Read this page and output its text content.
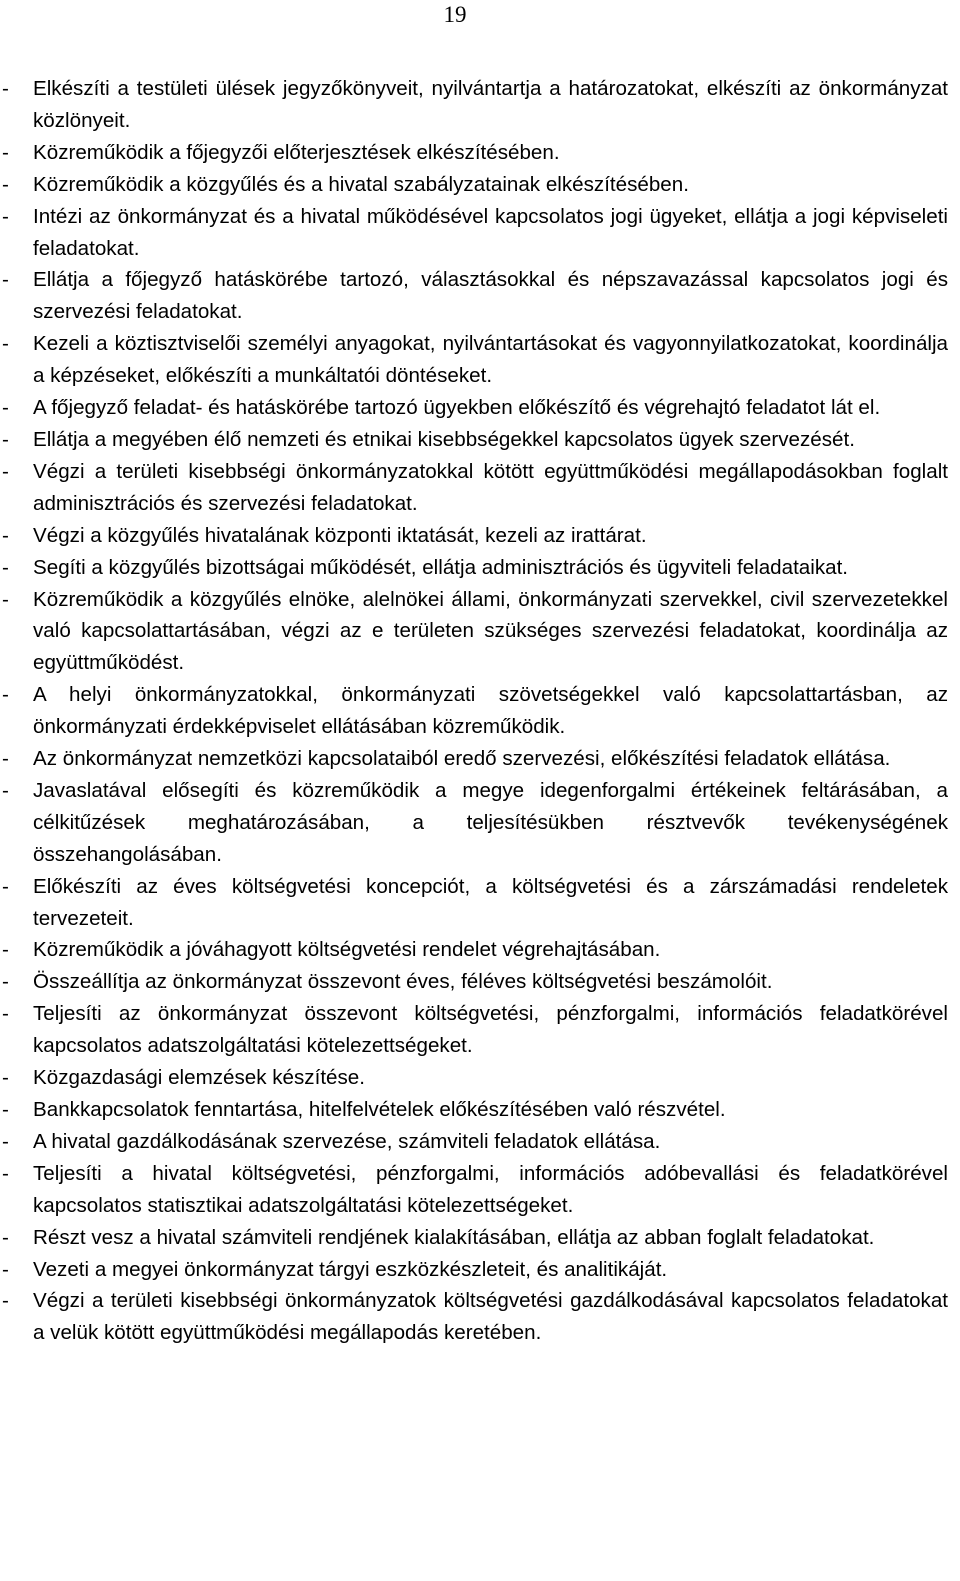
19
- Elkészíti a testületi ülések jegyzőkönyveit, nyilvántartja a határozatokat, elkészíti az önkormányzat közlönyeit.
- Közreműködik a főjegyzői előterjesztések elkészítésében.
- Közreműködik a közgyűlés és a hivatal szabályzatainak elkészítésében.
- Intézi az önkormányzat és a hivatal működésével kapcsolatos jogi ügyeket, ellátja a jogi képviseleti feladatokat.
- Ellátja a főjegyző hatáskörébe tartozó, választásokkal és népszavazással kapcsolatos jogi és szervezési feladatokat.
- Kezeli a köztisztviselői személyi anyagokat, nyilvántartásokat és vagyonnyilatkozatokat, koordinálja a képzéseket, előkészíti a munkáltatói döntéseket.
- A főjegyző feladat- és hatáskörébe tartozó ügyekben előkészítő és végrehajtó feladatot lát el.
- Ellátja a megyében élő nemzeti és etnikai kisebbségekkel kapcsolatos ügyek szervezését.
- Végzi a területi kisebbségi önkormányzatokkal kötött együttműködési megállapodásokban foglalt adminisztrációs és szervezési feladatokat.
- Végzi a közgyűlés hivatalának központi iktatását, kezeli az irattárat.
- Segíti a közgyűlés bizottságai működését, ellátja adminisztrációs és ügyviteli feladataikat.
- Közreműködik a közgyűlés elnöke, alelnökei állami, önkormányzati szervekkel, civil szervezetekkel való kapcsolattartásában, végzi az e területen szükséges szervezési feladatokat, koordinálja az együttműködést.
- A helyi önkormányzatokkal, önkormányzati szövetségekkel való kapcsolattartásban, az önkormányzati érdekképviselet ellátásában közreműködik.
- Az önkormányzat nemzetközi kapcsolataiból eredő szervezési, előkészítési feladatok ellátása.
- Javaslatával elősegíti és közreműködik a megye idegenforgalmi értékeinek feltárásában, a célkitűzések meghatározásában, a teljesítésükben résztvevők tevékenységének összehangolásában.
- Előkészíti az éves költségvetési koncepciót, a költségvetési és a zárszámadási rendeletek tervezeteit.
- Közreműködik a jóváhagyott költségvetési rendelet végrehajtásában.
- Összeállítja az önkormányzat összevont éves, féléves költségvetési beszámolóit.
- Teljesíti az önkormányzat összevont költségvetési, pénzforgalmi, információs feladatkörével kapcsolatos adatszolgáltatási kötelezettségeket.
- Közgazdasági elemzések készítése.
- Bankkapcsolatok fenntartása, hitelfelvételek előkészítésében való részvétel.
- A hivatal gazdálkodásának szervezése, számviteli feladatok ellátása.
- Teljesíti a hivatal költségvetési, pénzforgalmi, információs adóbevallási és feladatkörével kapcsolatos statisztikai adatszolgáltatási kötelezettségeket.
- Részt vesz a hivatal számviteli rendjének kialakításában, ellátja az abban foglalt feladatokat.
- Vezeti a megyei önkormányzat tárgyi eszközkészleteit, és analitikáját.
- Végzi a területi kisebbségi önkormányzatok költségvetési gazdálkodásával kapcsolatos feladatokat a velük kötött együttműködési megállapodás keretében.
